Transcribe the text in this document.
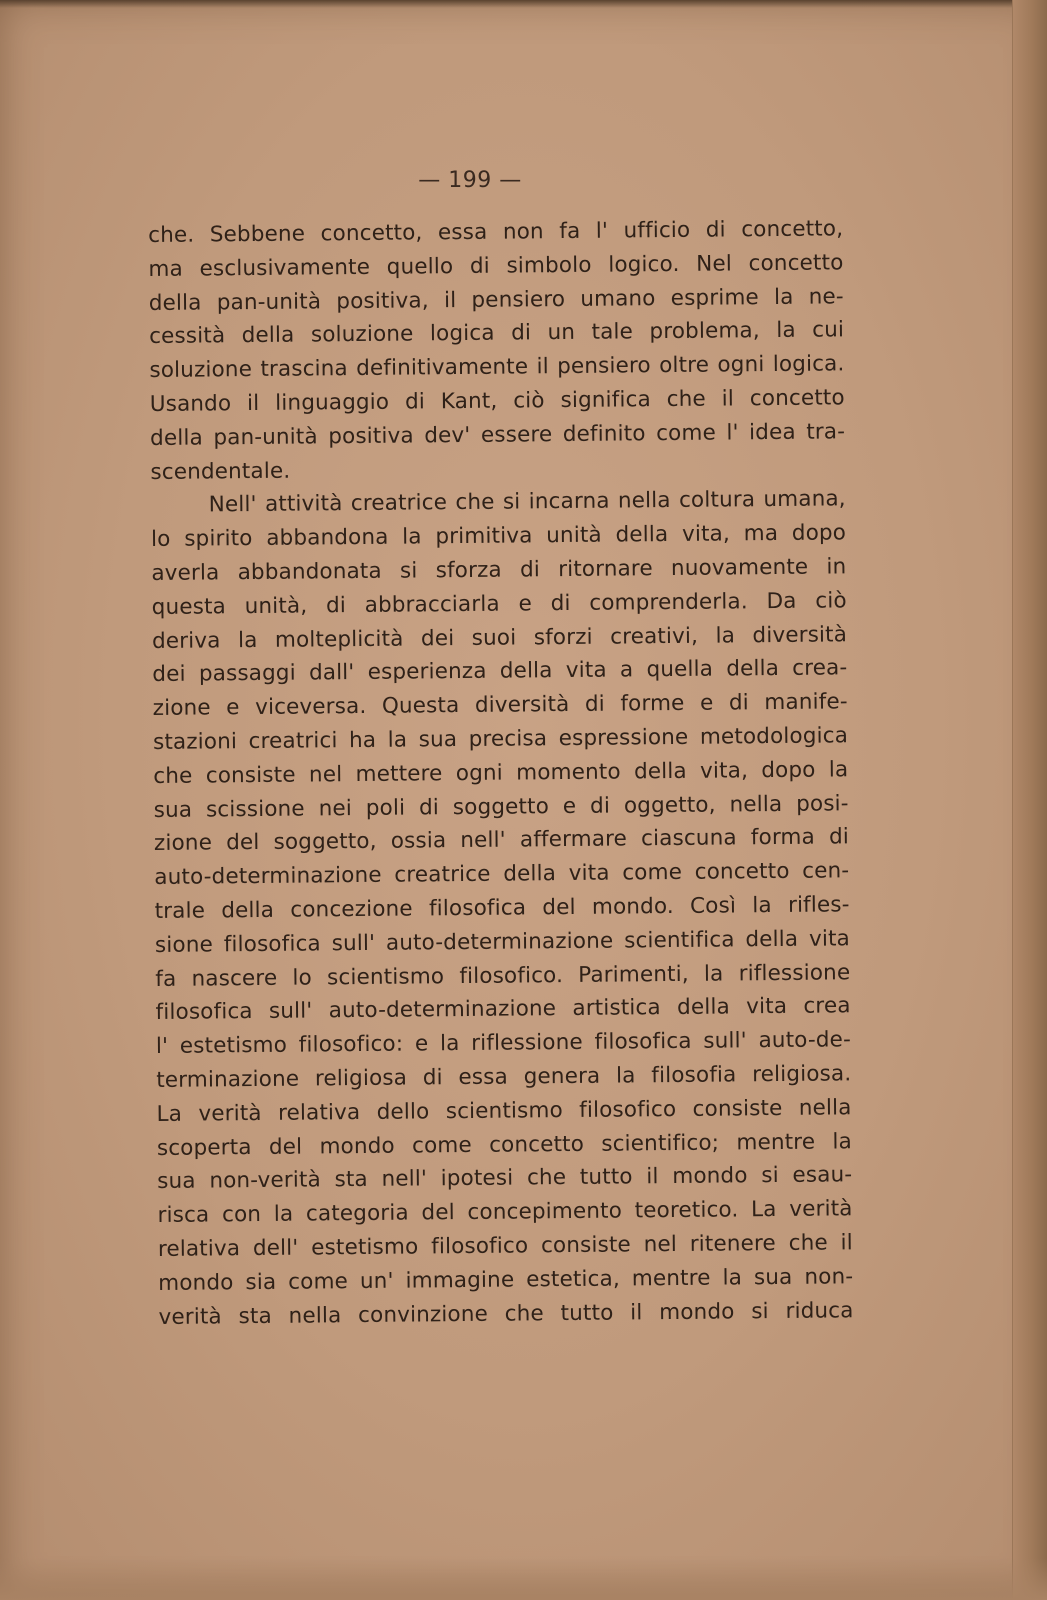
— 199 —

che. Sebbene concetto, essa non fa l' ufficio di concetto,
ma esclusivamente quello di simbolo logico. Nel concetto
della pan-unità positiva, il pensiero umano esprime la ne-
cessità della soluzione logica di un tale problema, la cui
soluzione trascina definitivamente il pensiero oltre ogni logica.
Usando il linguaggio di Kant, ciò significa che il concetto
della pan-unità positiva dev' essere definito come l' idea tra-
scendentale.

Nell' attività creatrice che si incarna nella coltura umana,
lo spirito abbandona la primitiva unità della vita, ma dopo
averla abbandonata si sforza di ritornare nuovamente in
questa unità, di abbracciarla e di comprenderla. Da ciò
deriva la molteplicità dei suoi sforzi creativi, la diversità
dei passaggi dall' esperienza della vita a quella della crea-
zione e viceversa. Questa diversità di forme e di manife-
stazioni creatrici ha la sua precisa espressione metodologica
che consiste nel mettere ogni momento della vita, dopo la
sua scissione nei poli di soggetto e di oggetto, nella posi-
zione del soggetto, ossia nell' affermare ciascuna forma di
auto-determinazione creatrice della vita come concetto cen-
trale della concezione filosofica del mondo. Così la rifles-
sione filosofica sull' auto-determinazione scientifica della vita
fa nascere lo scientismo filosofico. Parimenti, la riflessione
filosofica sull' auto-determinazione artistica della vita crea
l' estetismo filosofico: e la riflessione filosofica sull' auto-de-
terminazione religiosa di essa genera la filosofia religiosa.
La verità relativa dello scientismo filosofico consiste nella
scoperta del mondo come concetto scientifico; mentre la
sua non-verità sta nell' ipotesi che tutto il mondo si esau-
risca con la categoria del concepimento teoretico. La verità
relativa dell' estetismo filosofico consiste nel ritenere che il
mondo sia come un' immagine estetica, mentre la sua non-
verità sta nella convinzione che tutto il mondo si riduca
